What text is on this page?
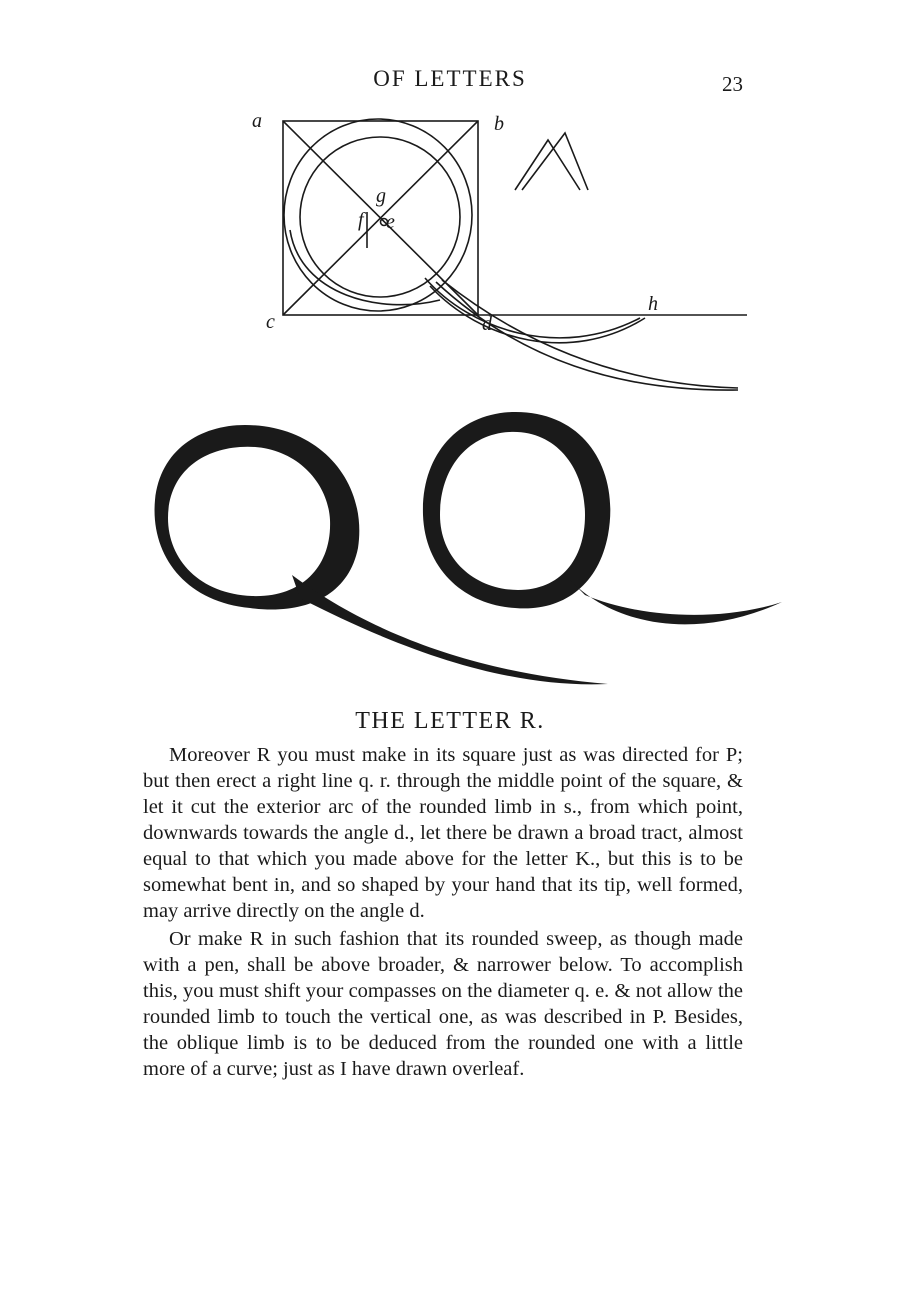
OF LETTERS	23
a	b
c	d
e
f
g
h
THE LETTER R.

Moreover R you must make in its square just as was directed for P; but then erect a right line q. r. through the middle point of the square, & let it cut the exterior arc of the rounded limb in s., from which point, downwards towards the angle d., let there be drawn a broad tract, almost equal to that which you made above for the letter K., but this is to be somewhat bent in, and so shaped by your hand that its tip, well formed, may arrive directly on the angle d.

Or make R in such fashion that its rounded sweep, as though made with a pen, shall be above broader, & narrower below. To accomplish this, you must shift your compasses on the diameter q. e. & not allow the rounded limb to touch the vertical one, as was described in P. Besides, the oblique limb is to be deduced from the rounded one with a little more of a curve; just as I have drawn overleaf.
